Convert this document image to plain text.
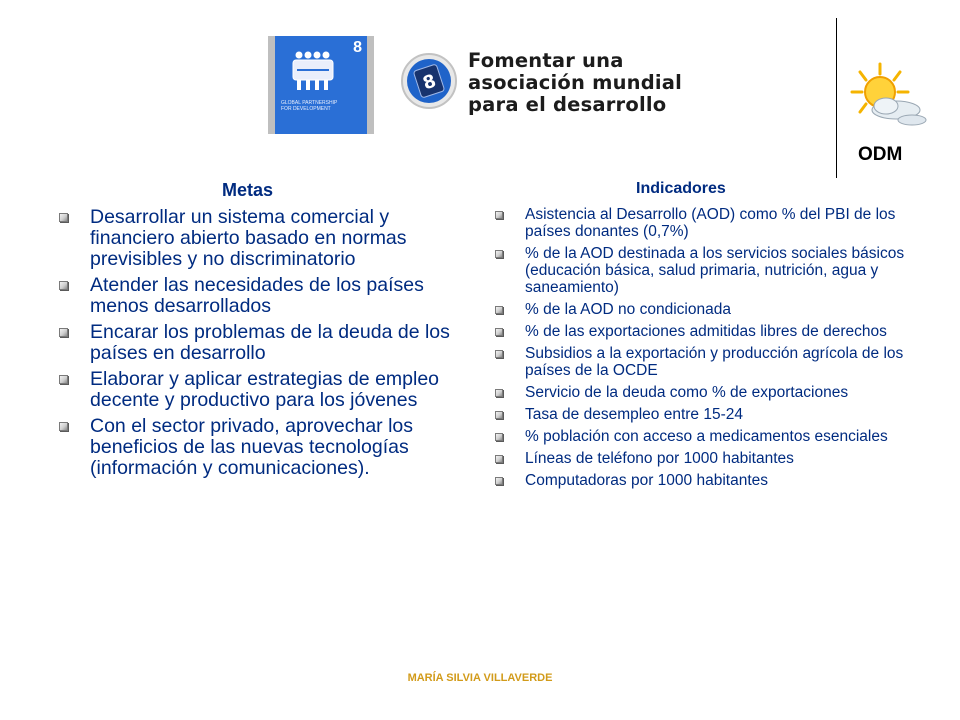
8
GLOBAL PARTNERSHIP FOR DEVELOPMENT
8
Fomentar una
asociación mundial
para el desarrollo
ODM
Metas
Desarrollar un sistema comercial y financiero abierto basado en normas previsibles y no discriminatorio
Atender las necesidades de los países menos desarrollados
Encarar los problemas de la deuda de los países en desarrollo
Elaborar y aplicar estrategias de empleo decente y productivo para los jóvenes
Con el sector privado, aprovechar los beneficios de las nuevas tecnologías (información y comunicaciones).
Indicadores
Asistencia al Desarrollo (AOD) como % del PBI de los países donantes (0,7%)
% de la AOD destinada a los servicios sociales básicos (educación básica, salud primaria, nutrición, agua y saneamiento)
% de la AOD no condicionada
% de las exportaciones admitidas libres de derechos
Subsidios a la exportación y producción agrícola de los países de la OCDE
Servicio de la deuda como % de exportaciones
Tasa de desempleo entre 15-24
% población con acceso a medicamentos esenciales
Líneas de teléfono por 1000 habitantes
Computadoras por 1000 habitantes
MARÍA SILVIA VILLAVERDE
